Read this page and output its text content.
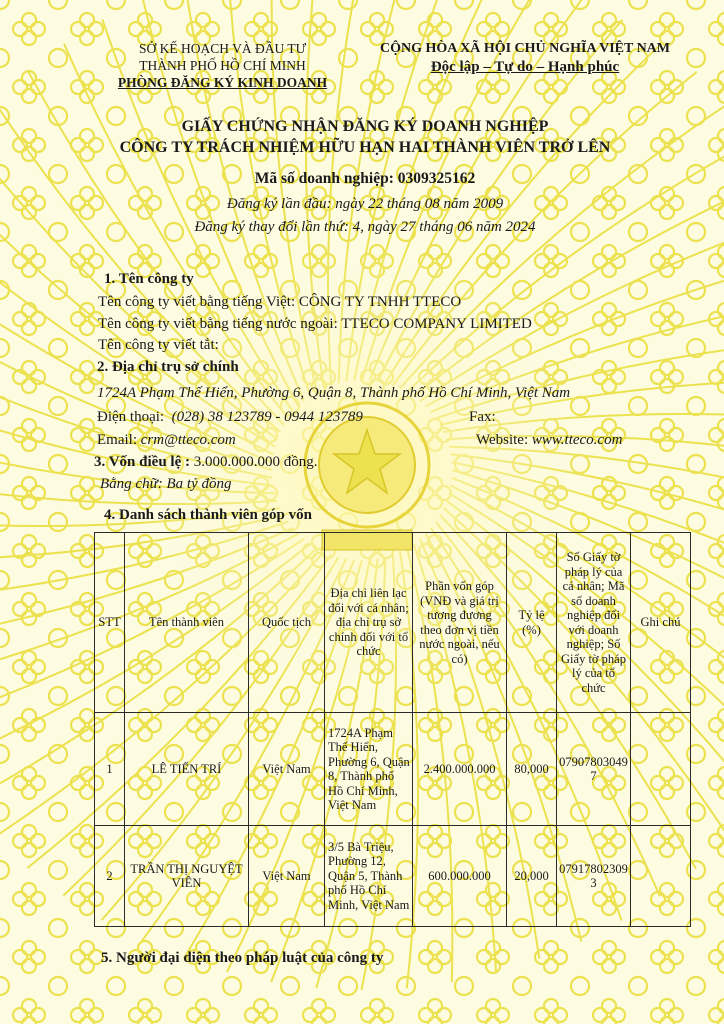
SỞ KẾ HOẠCH VÀ ĐẦU TƯ
THÀNH PHỐ HỒ CHÍ MINH
PHÒNG ĐĂNG KÝ KINH DOANH
CỘNG HÒA XÃ HỘI CHỦ NGHĨA VIỆT NAM
Độc lập – Tự do – Hạnh phúc
GIẤY CHỨNG NHẬN ĐĂNG KÝ DOANH NGHIỆP
CÔNG TY TRÁCH NHIỆM HỮU HẠN HAI THÀNH VIÊN TRỞ LÊN
Mã số doanh nghiệp: 0309325162
Đăng ký lần đầu: ngày 22 tháng 08 năm 2009
Đăng ký thay đổi lần thứ: 4, ngày 27 tháng 06 năm 2024
1. Tên công ty
Tên công ty viết bằng tiếng Việt: CÔNG TY TNHH TTECO
Tên công ty viết bằng tiếng nước ngoài: TTECO COMPANY LIMITED
Tên công ty viết tắt:
2. Địa chỉ trụ sở chính
1724A Phạm Thế Hiển, Phường 6, Quận 8, Thành phố Hồ Chí Minh, Việt Nam
Điện thoại: (028) 38 123789 - 0944 123789	Fax:
Email: crm@tteco.com	Website: www.tteco.com
3. Vốn điều lệ : 3.000.000.000 đồng.
Bằng chữ: Ba tỷ đồng
4. Danh sách thành viên góp vốn
STT	Tên thành viên	Quốc tịch	Địa chỉ liên lạc đối với cá nhân; địa chỉ trụ sở chính đối với tổ chức	Phần vốn góp (VNĐ và giá trị tương đương theo đơn vị tiền nước ngoài, nếu có)	Tỷ lệ (%)	Số Giấy tờ pháp lý của cá nhân; Mã số doanh nghiệp đối với doanh nghiệp; Số Giấy tờ pháp lý của tổ chức	Ghi chú
1	LÊ TIẾN TRÍ	Việt Nam	1724A Phạm Thế Hiển, Phường 6, Quận 8, Thành phố Hồ Chí Minh, Việt Nam	2.400.000.000	80,000	079078030497	
2	TRẦN THỊ NGUYỆT VIÊN	Việt Nam	3/5 Bà Triệu, Phường 12, Quận 5, Thành phố Hồ Chí Minh, Việt Nam	600.000.000	20,000	079178023093	
5. Người đại diện theo pháp luật của công ty
